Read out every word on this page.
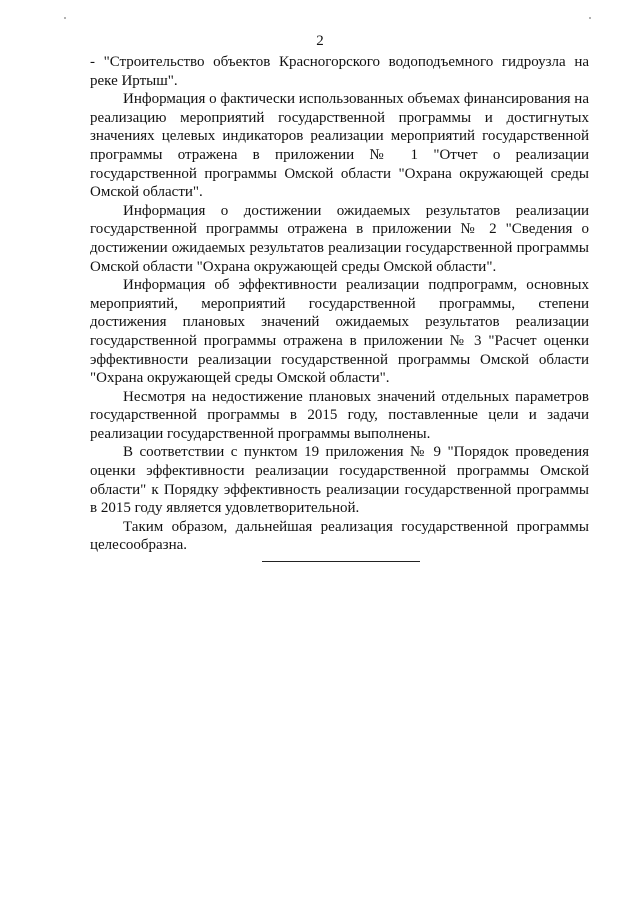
2

- "Строительство объектов Красногорского водоподъемного гидроузла на реке Иртыш".

Информация о фактически использованных объемах финансирования на реализацию мероприятий государственной программы и достигнутых значениях целевых индикаторов реализации мероприятий государственной программы отражена в приложении № 1 "Отчет о реализации государственной программы Омской области "Охрана окружающей среды Омской области".

Информация о достижении ожидаемых результатов реализации государственной программы отражена в приложении № 2 "Сведения о достижении ожидаемых результатов реализации государственной программы Омской области "Охрана окружающей среды Омской области".

Информация об эффективности реализации подпрограмм, основных мероприятий, мероприятий государственной программы, степени достижения плановых значений ожидаемых результатов реализации государственной программы отражена в приложении № 3 "Расчет оценки эффективности реализации государственной программы Омской области "Охрана окружающей среды Омской области".

Несмотря на недостижение плановых значений отдельных параметров государственной программы в 2015 году, поставленные цели и задачи реализации государственной программы выполнены.

В соответствии с пунктом 19 приложения № 9 "Порядок проведения оценки эффективности реализации государственной программы Омской области" к Порядку эффективность реализации государственной программы в 2015 году является удовлетворительной.

Таким образом, дальнейшая реализация государственной программы целесообразна.
